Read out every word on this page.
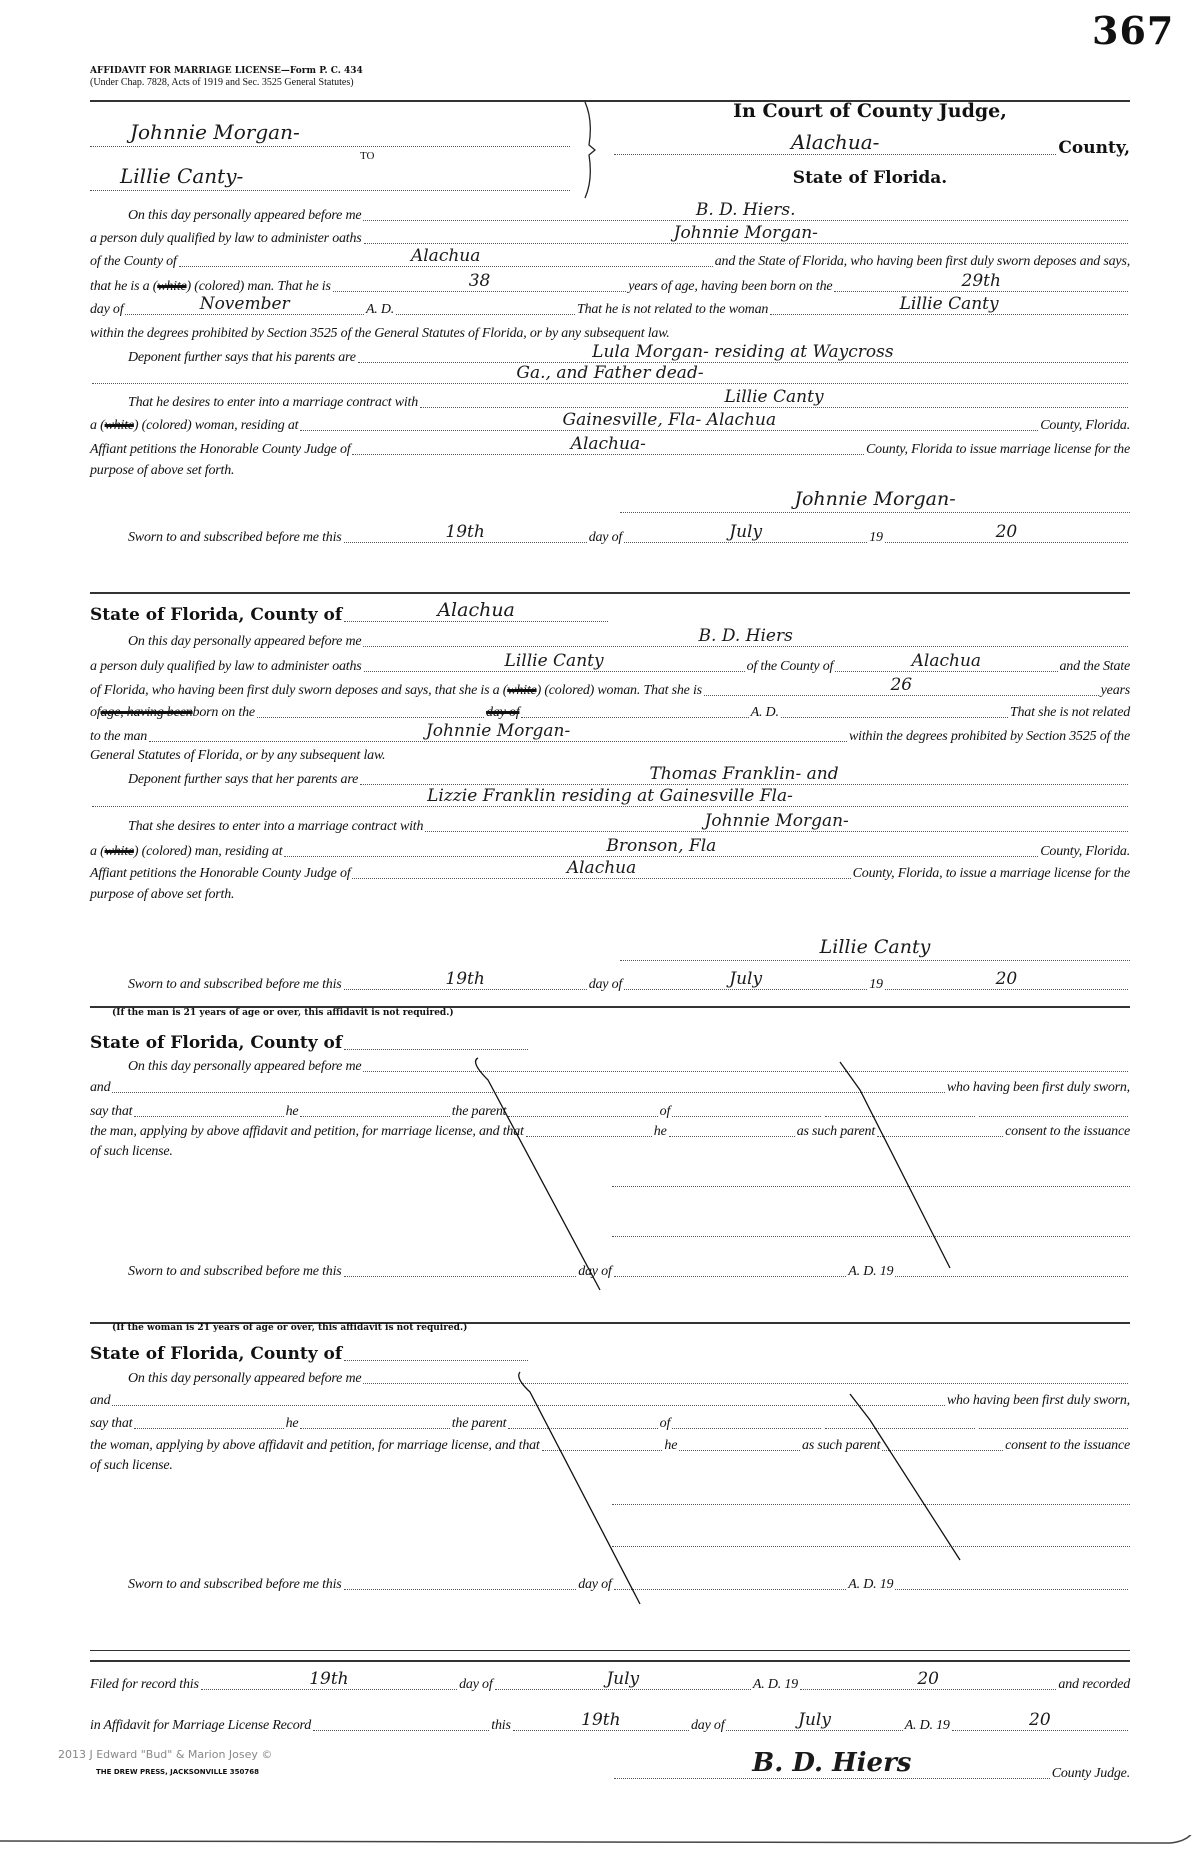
367
AFFIDAVIT FOR MARRIAGE LICENSE—Form P. C. 434
(Under Chap. 7828, Acts of 1919 and Sec. 3525 General Statutes)
Johnnie Morgan-
TO
Lillie Canty-
In Court of County Judge,
Alachua-	County,
State of Florida.
On this day personally appeared before me	B. D. Hiers.
a person duly qualified by law to administer oaths	Johnnie Morgan-
of the County of	Alachua	and the State of Florida, who having been first duly sworn deposes and says,
that he is a ( white ) (colored) man. That he is	38	years of age, having been born on the	29th
day of	November	A. D.	That he is not related to the woman	Lillie Canty
within the degrees prohibited by Section 3525 of the General Statutes of Florida, or by any subsequent law.
Deponent further says that his parents are	Lula Morgan- residing at Waycross
Ga., and Father dead-
That he desires to enter into a marriage contract with	Lillie Canty
a ( white ) (colored) woman, residing at	Gainesville, Fla- Alachua	County, Florida.
Affiant petitions the Honorable County Judge of	Alachua-	County, Florida to issue marriage license for the
purpose of above set forth.
On this day personally appeared before me	B. D. Hiers
a person duly qualified by law to administer oaths	Lillie Canty	of the County of	Alachua	and the State
of Florida, who having been first duly sworn deposes and says, that she is a ( white ) (colored) woman. That she is	26	years
of age, having been born on the	day of	A. D.	That she is not related
to the man	Johnnie Morgan-	within the degrees prohibited by Section 3525 of the
General Statutes of Florida, or by any subsequent law.
Deponent further says that her parents are	Thomas Franklin- and
Lizzie Franklin residing at Gainesville Fla-
That she desires to enter into a marriage contract with	Johnnie Morgan-
a ( white ) (colored) man, residing at	Bronson, Fla	County, Florida.
Affiant petitions the Honorable County Judge of	Alachua	County, Florida, to issue a marriage license for the
purpose of above set forth.
On this day personally appeared before me
and	who having been first duly sworn,
say that	he	the parent	of
the man, applying by above affidavit and petition, for marriage license, and that	he	as such parent	consent to the issuance
of such license.
On this day personally appeared before me
and	who having been first duly sworn,
say that	he	the parent	of
the woman, applying by above affidavit and petition, for marriage license, and that	he	as such parent	consent to the issuance
of such license.
Sworn to and subscribed before me this	19th	day of	July	19	20
Sworn to and subscribed before me this	19th	day of	July	19	20
Sworn to and subscribed before me this	day of	A. D. 19
Sworn to and subscribed before me this	day of	A. D. 19
Filed for record this	19th	day of	July	A. D. 19	20	and recorded
in Affidavit for Marriage License Record	this	19th	day of	July	A. D. 19	20
Johnnie Morgan-
State of Florida, County of	Alachua
Lillie Canty
(If the man is 21 years of age or over, this affidavit is not required.)
State of Florida, County of
(If the woman is 21 years of age or over, this affidavit is not required.)
State of Florida, County of
B. D. Hiers	County Judge.
2013 J Edward "Bud" & Marion Josey ©
THE DREW PRESS, JACKSONVILLE 350768
